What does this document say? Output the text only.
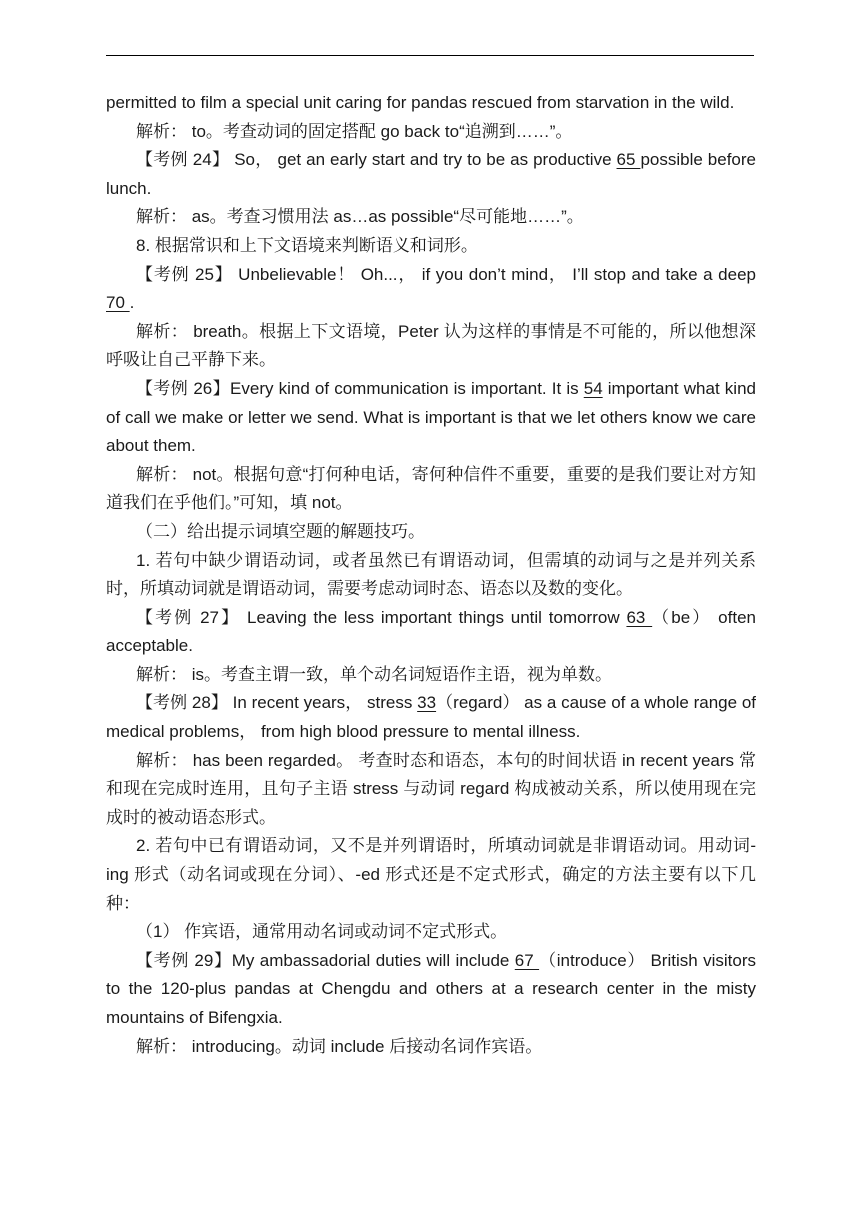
permitted to film a special unit caring for pandas rescued from starvation in the wild.

解析： to。考查动词的固定搭配 go back to“追溯到……”。

【考例 24】 So， get an early start and try to be as productive 65 possible before lunch.

解析： as。考查习惯用法 as…as possible“尽可能地……”。

8. 根据常识和上下文语境来判断语义和词形。

【考例 25】 Unbelievable！ Oh...， if you don’t mind， I’ll stop and take a deep 70 .

解析： breath。根据上下文语境，Peter 认为这样的事情是不可能的，所以他想深呼吸让自己平静下来。

【考例 26】Every kind of communication is important. It is 54 important what kind of call we make or letter we send. What is important is that we let others know we care about them.

解析： not。根据句意“打何种电话，寄何种信件不重要，重要的是我们要让对方知道我们在乎他们。”可知，填 not。

（二）给出提示词填空题的解题技巧。

1. 若句中缺少谓语动词，或者虽然已有谓语动词，但需填的动词与之是并列关系时，所填动词就是谓语动词，需要考虑动词时态、语态以及数的变化。

【考例 27】 Leaving the less important things until tomorrow 63 （be） often acceptable.

解析： is。考查主谓一致，单个动名词短语作主语，视为单数。

【考例 28】 In recent years， stress 33（regard） as a cause of a whole range of medical problems， from high blood pressure to mental illness.

解析： has been regarded。 考查时态和语态，本句的时间状语 in recent years 常和现在完成时连用，且句子主语 stress 与动词 regard 构成被动关系，所以使用现在完成时的被动语态形式。

2. 若句中已有谓语动词，又不是并列谓语时，所填动词就是非谓语动词。用动词-ing 形式（动名词或现在分词）、-ed 形式还是不定式形式，确定的方法主要有以下几种：

（1） 作宾语，通常用动名词或动词不定式形式。

【考例 29】My ambassadorial duties will include 67 （introduce） British visitors to the 120-plus pandas at Chengdu and others at a research center in the misty mountains of Bifengxia.

解析： introducing。动词 include 后接动名词作宾语。
